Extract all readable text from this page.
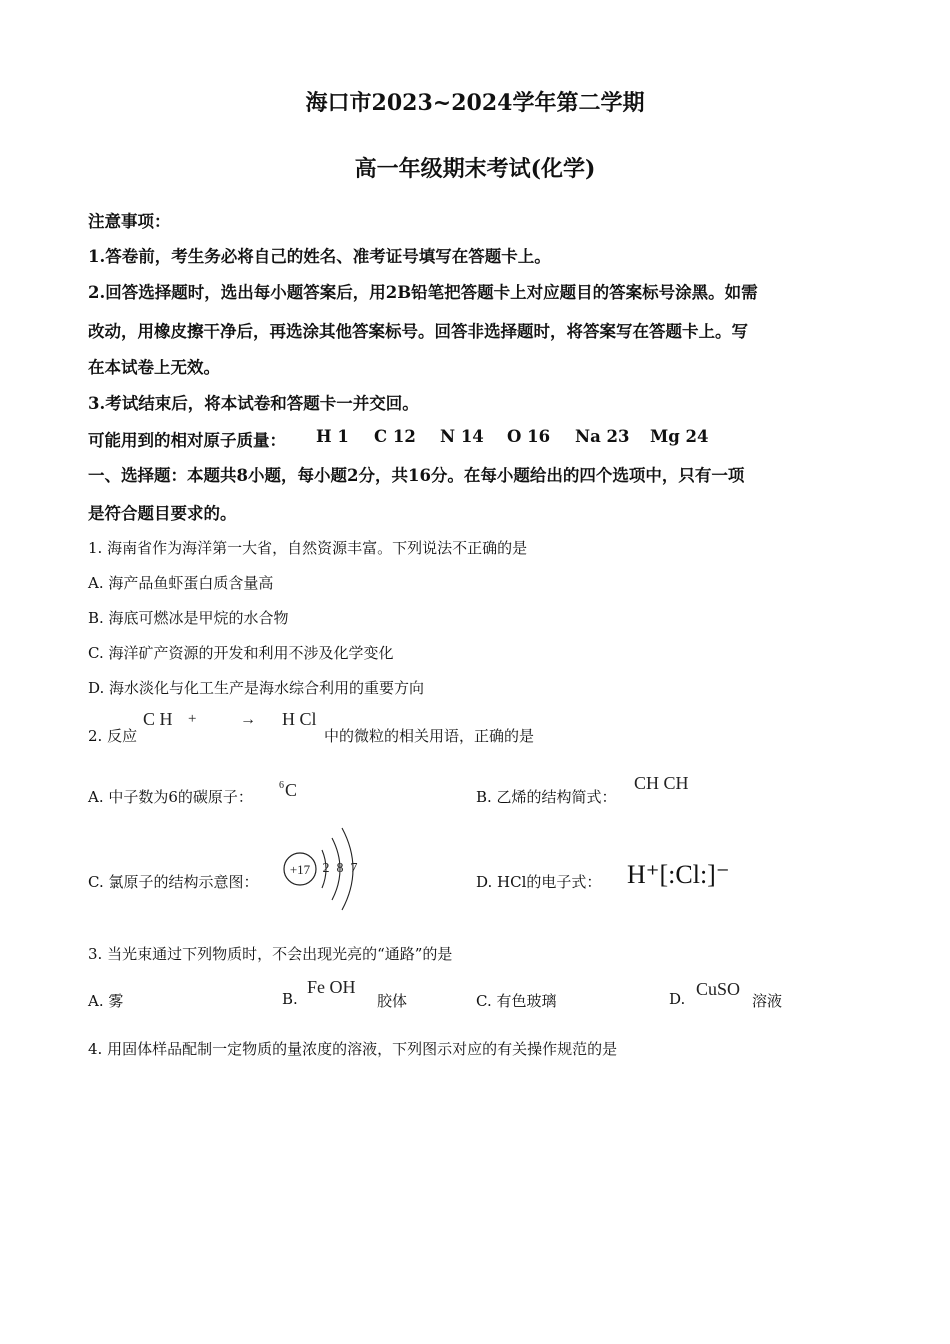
海口市2023~2024学年第二学期
高一年级期末考试(化学)
注意事项：
1.答卷前，考生务必将自己的姓名、准考证号填写在答题卡上。
2.回答选择题时，选出每小题答案后，用2B铅笔把答题卡上对应题目的答案标号涂黑。如需
改动，用橡皮擦干净后，再选涂其他答案标号。回答非选择题时，将答案写在答题卡上。写
在本试卷上无效。
3.考试结束后，将本试卷和答题卡一并交回。
可能用到的相对原子质量： H 1 C 12 N 14 O 16 Na 23 Mg 24
一、选择题：本题共8小题，每小题2分，共16分。在每小题给出的四个选项中，只有一项
是符合题目要求的。
1. 海南省作为海洋第一大省，自然资源丰富。下列说法不正确的是
A. 海产品鱼虾蛋白质含量高
B. 海底可燃冰是甲烷的水合物
C. 海洋矿产资源的开发和利用不涉及化学变化
D. 海水淡化与化工生产是海水综合利用的重要方向
2. 反应
C H +	→ H Cl
中的微粒的相关用语，正确的是
A. 中子数为6的碳原子：
6 C	B. 乙烯的结构简式：
CH CH
C. 氯原子的结构示意图：
+17 2 8 7
D. HCl的电子式： H⁺[:Cl:]⁻
3. 当光束通过下列物质时，不会出现光亮的“通路”的是
A. 雾	B.
Fe OH
胶体	C. 有色玻璃	D. CuSO
溶液
4. 用固体样品配制一定物质的量浓度的溶液，下列图示对应的有关操作规范的是
